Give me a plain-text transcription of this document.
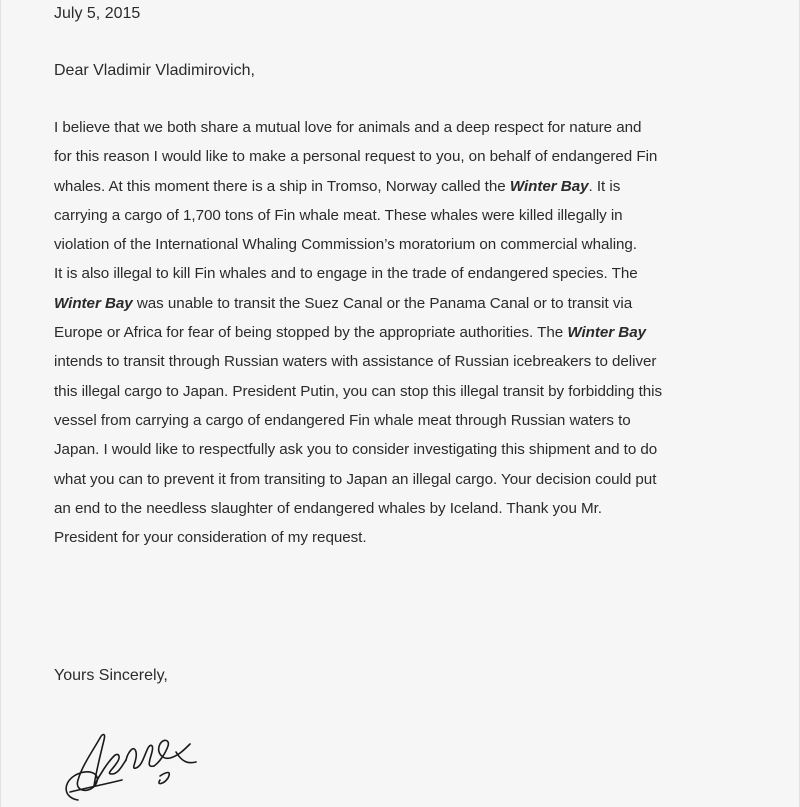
July 5, 2015
Dear Vladimir Vladimirovich,
I believe that we both share a mutual love for animals and a deep respect for nature and
for this reason I would like to make a personal request to you, on behalf of endangered Fin
whales. At this moment there is a ship in Tromso, Norway called the Winter Bay. It is
carrying a cargo of 1,700 tons of Fin whale meat. These whales were killed illegally in
violation of the International Whaling Commission’s moratorium on commercial whaling.
It is also illegal to kill Fin whales and to engage in the trade of endangered species. The
Winter Bay was unable to transit the Suez Canal or the Panama Canal or to transit via
Europe or Africa for fear of being stopped by the appropriate authorities. The Winter Bay
intends to transit through Russian waters with assistance of Russian icebreakers to deliver
this illegal cargo to Japan. President Putin, you can stop this illegal transit by forbidding this
vessel from carrying a cargo of endangered Fin whale meat through Russian waters to
Japan. I would like to respectfully ask you to consider investigating this shipment and to do
what you can to prevent it from transiting to Japan an illegal cargo. Your decision could put
an end to the needless slaughter of endangered whales by Iceland. Thank you Mr.
President for your consideration of my request.
Yours Sincerely,
